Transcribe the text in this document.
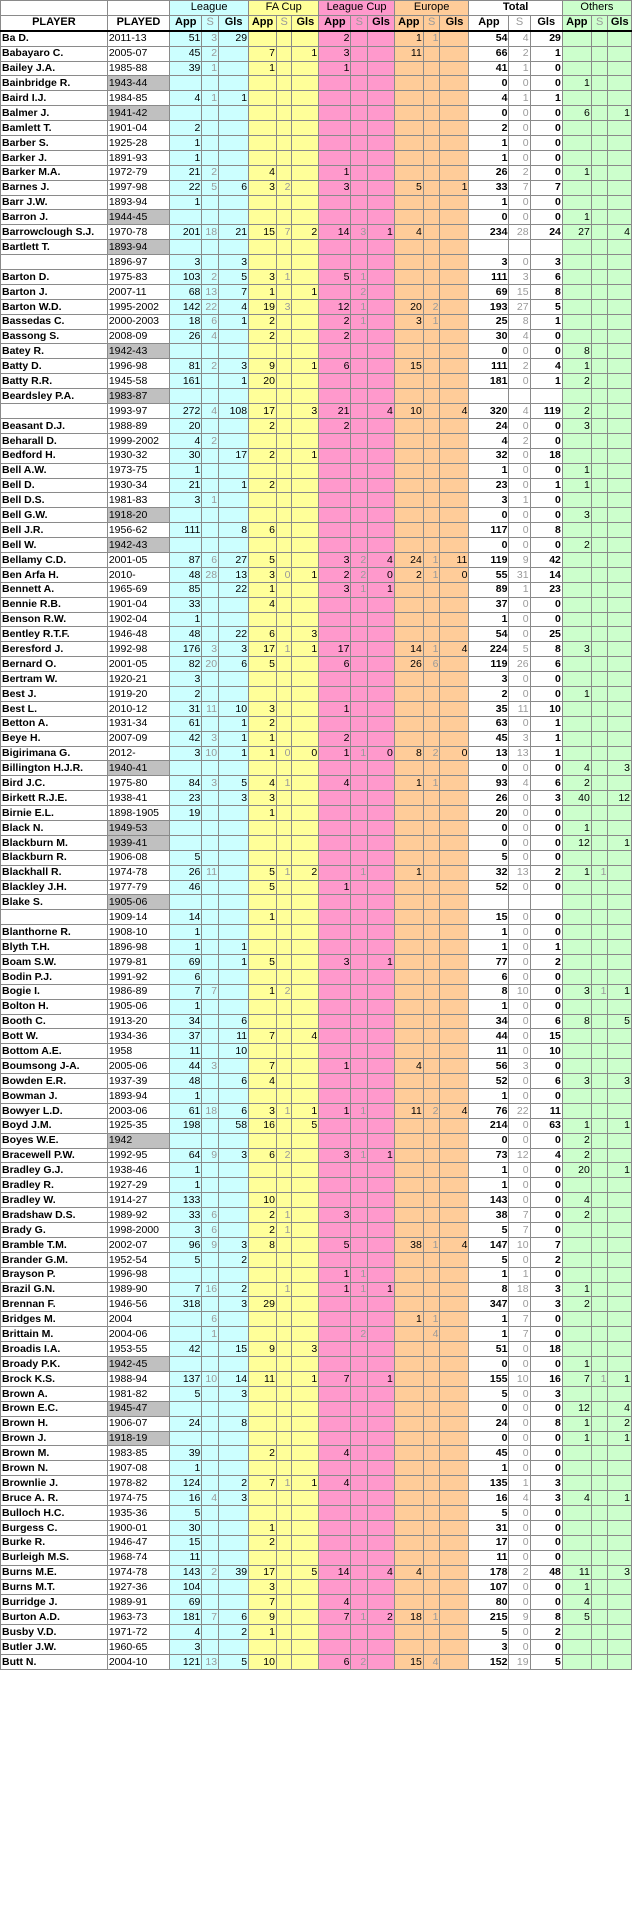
		League			FA Cup			League Cup			Europe			Total			Others		
PLAYER	PLAYED	App	S	Gls	App	S	Gls	App	S	Gls	App	S	Gls	App	S	Gls	App	S	Gls
Ba D.	2011-13	51	3	29				2			1	1		54	4	29			
Babayaro C.	2005-07	45	2		7		1	3			11			66	2	1			
Bailey J.A.	1985-88	39	1		1			1						41	1	0			
Bainbridge R.	1943-44													0	0	0	1		
Baird I.J.	1984-85	4	1	1										4	1	1			
Balmer J.	1941-42													0	0	0	6		1
Bamlett T.	1901-04	2												2	0	0			
Barber S.	1925-28	1												1	0	0			
Barker J.	1891-93	1												1	0	0			
Barker M.A.	1972-79	21	2		4			1						26	2	0	1		
Barnes J.	1997-98	22	5	6	3	2		3			5		1	33	7	7			
Barr J.W.	1893-94	1												1	0	0			
Barron J.	1944-45													0	0	0	1		
Barrowclough S.J.	1970-78	201	18	21	15	7	2	14	3	1	4			234	28	24	27		4
Bartlett T.	1893-94																		
	1896-97	3		3										3	0	3			
Barton D.	1975-83	103	2	5	3	1		5	1					111	3	6			
Barton J.	2007-11	68	13	7	1		1		2					69	15	8			
Barton W.D.	1995-2002	142	22	4	19	3		12	1		20	2		193	27	5			
Bassedas C.	2000-2003	18	6	1	2			2	1		3	1		25	8	1			
Bassong S.	2008-09	26	4		2			2						30	4	0			
Batey R.	1942-43													0	0	0	8		
Batty D.	1996-98	81	2	3	9		1	6			15			111	2	4	1		
Batty R.R.	1945-58	161		1	20									181	0	1	2		
Beardsley P.A.	1983-87																		
	1993-97	272	4	108	17		3	21		4	10		4	320	4	119	2		
Beasant D.J.	1988-89	20			2			2						24	0	0	3		
Beharall D.	1999-2002	4	2											4	2	0			
Bedford H.	1930-32	30		17	2		1							32	0	18			
Bell A.W.	1973-75	1												1	0	0	1		
Bell D.	1930-34	21		1	2									23	0	1	1		
Bell D.S.	1981-83	3	1											3	1	0			
Bell G.W.	1918-20													0	0	0	3		
Bell J.R.	1956-62	111		8	6									117	0	8			
Bell W.	1942-43													0	0	0	2		
Bellamy C.D.	2001-05	87	6	27	5			3	2	4	24	1	11	119	9	42			
Ben Arfa H.	2010-	48	28	13	3	0	1	2	2	0	2	1	0	55	31	14			
Bennett A.	1965-69	85		22	1			3	1	1				89	1	23			
Bennie R.B.	1901-04	33			4									37	0	0			
Benson R.W.	1902-04	1												1	0	0			
Bentley R.T.F.	1946-48	48		22	6		3							54	0	25			
Beresford J.	1992-98	176	3	3	17	1	1	17			14	1	4	224	5	8	3		
Bernard O.	2001-05	82	20	6	5			6			26	6		119	26	6			
Bertram W.	1920-21	3												3	0	0			
Best J.	1919-20	2												2	0	0	1		
Best L.	2010-12	31	11	10	3			1						35	11	10			
Betton A.	1931-34	61		1	2									63	0	1			
Beye H.	2007-09	42	3	1	1			2						45	3	1			
Bigirimana G.	2012-	3	10	1	1	0	0	1	1	0	8	2	0	13	13	1			
Billington H.J.R.	1940-41													0	0	0	4		3
Bird J.C.	1975-80	84	3	5	4	1		4			1	1		93	4	6	2		
Birkett R.J.E.	1938-41	23		3	3									26	0	3	40		12
Birnie E.L.	1898-1905	19			1									20	0	0			
Black N.	1949-53													0	0	0	1		
Blackburn M.	1939-41													0	0	0	12		1
Blackburn R.	1906-08	5												5	0	0			
Blackhall R.	1974-78	26	11		5	1	2		1		1			32	13	2	1	1	
Blackley J.H.	1977-79	46			5			1						52	0	0			
Blake S.	1905-06																		
	1909-14	14			1									15	0	0			
Blanthorne R.	1908-10	1												1	0	0			
Blyth T.H.	1896-98	1		1										1	0	1			
Boam S.W.	1979-81	69		1	5			3		1				77	0	2			
Bodin P.J.	1991-92	6												6	0	0			
Bogie I.	1986-89	7	7		1	2								8	10	0	3	1	1
Bolton H.	1905-06	1												1	0	0			
Booth C.	1913-20	34		6										34	0	6	8		5
Bott W.	1934-36	37		11	7		4							44	0	15			
Bottom A.E.	1958	11		10										11	0	10			
Boumsong J-A.	2005-06	44	3		7			1			4			56	3	0			
Bowden E.R.	1937-39	48		6	4									52	0	6	3		3
Bowman J.	1893-94	1												1	0	0			
Bowyer L.D.	2003-06	61	18	6	3	1	1	1	1		11	2	4	76	22	11			
Boyd J.M.	1925-35	198		58	16		5							214	0	63	1		1
Boyes W.E.	1942													0	0	0	2		
Bracewell P.W.	1992-95	64	9	3	6	2		3	1	1				73	12	4	2		
Bradley G.J.	1938-46	1												1	0	0	20		1
Bradley R.	1927-29	1												1	0	0			
Bradley W.	1914-27	133			10									143	0	0	4		
Bradshaw D.S.	1989-92	33	6		2	1		3						38	7	0	2		
Brady G.	1998-2000	3	6		2	1								5	7	0			
Bramble T.M.	2002-07	96	9	3	8			5			38	1	4	147	10	7			
Brander G.M.	1952-54	5		2										5	0	2			
Brayson P.	1996-98							1	1					1	1	0			
Brazil G.N.	1989-90	7	16	2		1		1	1	1				8	18	3	1		
Brennan F.	1946-56	318		3	29									347	0	3	2		
Bridges M.	2004		6								1	1		1	7	0			
Brittain M.	2004-06		1						2			4		1	7	0			
Broadis I.A.	1953-55	42		15	9		3							51	0	18			
Broady P.K.	1942-45													0	0	0	1		
Brock K.S.	1988-94	137	10	14	11		1	7		1				155	10	16	7	1	1
Brown A.	1981-82	5		3										5	0	3			
Brown E.C.	1945-47													0	0	0	12		4
Brown H.	1906-07	24		8										24	0	8	1		2
Brown J.	1918-19													0	0	0	1		1
Brown M.	1983-85	39			2			4						45	0	0			
Brown N.	1907-08	1												1	0	0			
Brownlie J.	1978-82	124		2	7	1	1	4						135	1	3			
Bruce A. R.	1974-75	16	4	3										16	4	3	4		1
Bulloch H.C.	1935-36	5												5	0	0			
Burgess C.	1900-01	30			1									31	0	0			
Burke R.	1946-47	15			2									17	0	0			
Burleigh M.S.	1968-74	11												11	0	0			
Burns M.E.	1974-78	143	2	39	17		5	14		4	4			178	2	48	11		3
Burns M.T.	1927-36	104			3									107	0	0	1		
Burridge J.	1989-91	69			7			4						80	0	0	4		
Burton A.D.	1963-73	181	7	6	9			7	1	2	18	1		215	9	8	5		
Busby V.D.	1971-72	4		2	1									5	0	2			
Butler J.W.	1960-65	3												3	0	0			
Butt N.	2004-10	121	13	5	10			6	2		15	4		152	19	5			
